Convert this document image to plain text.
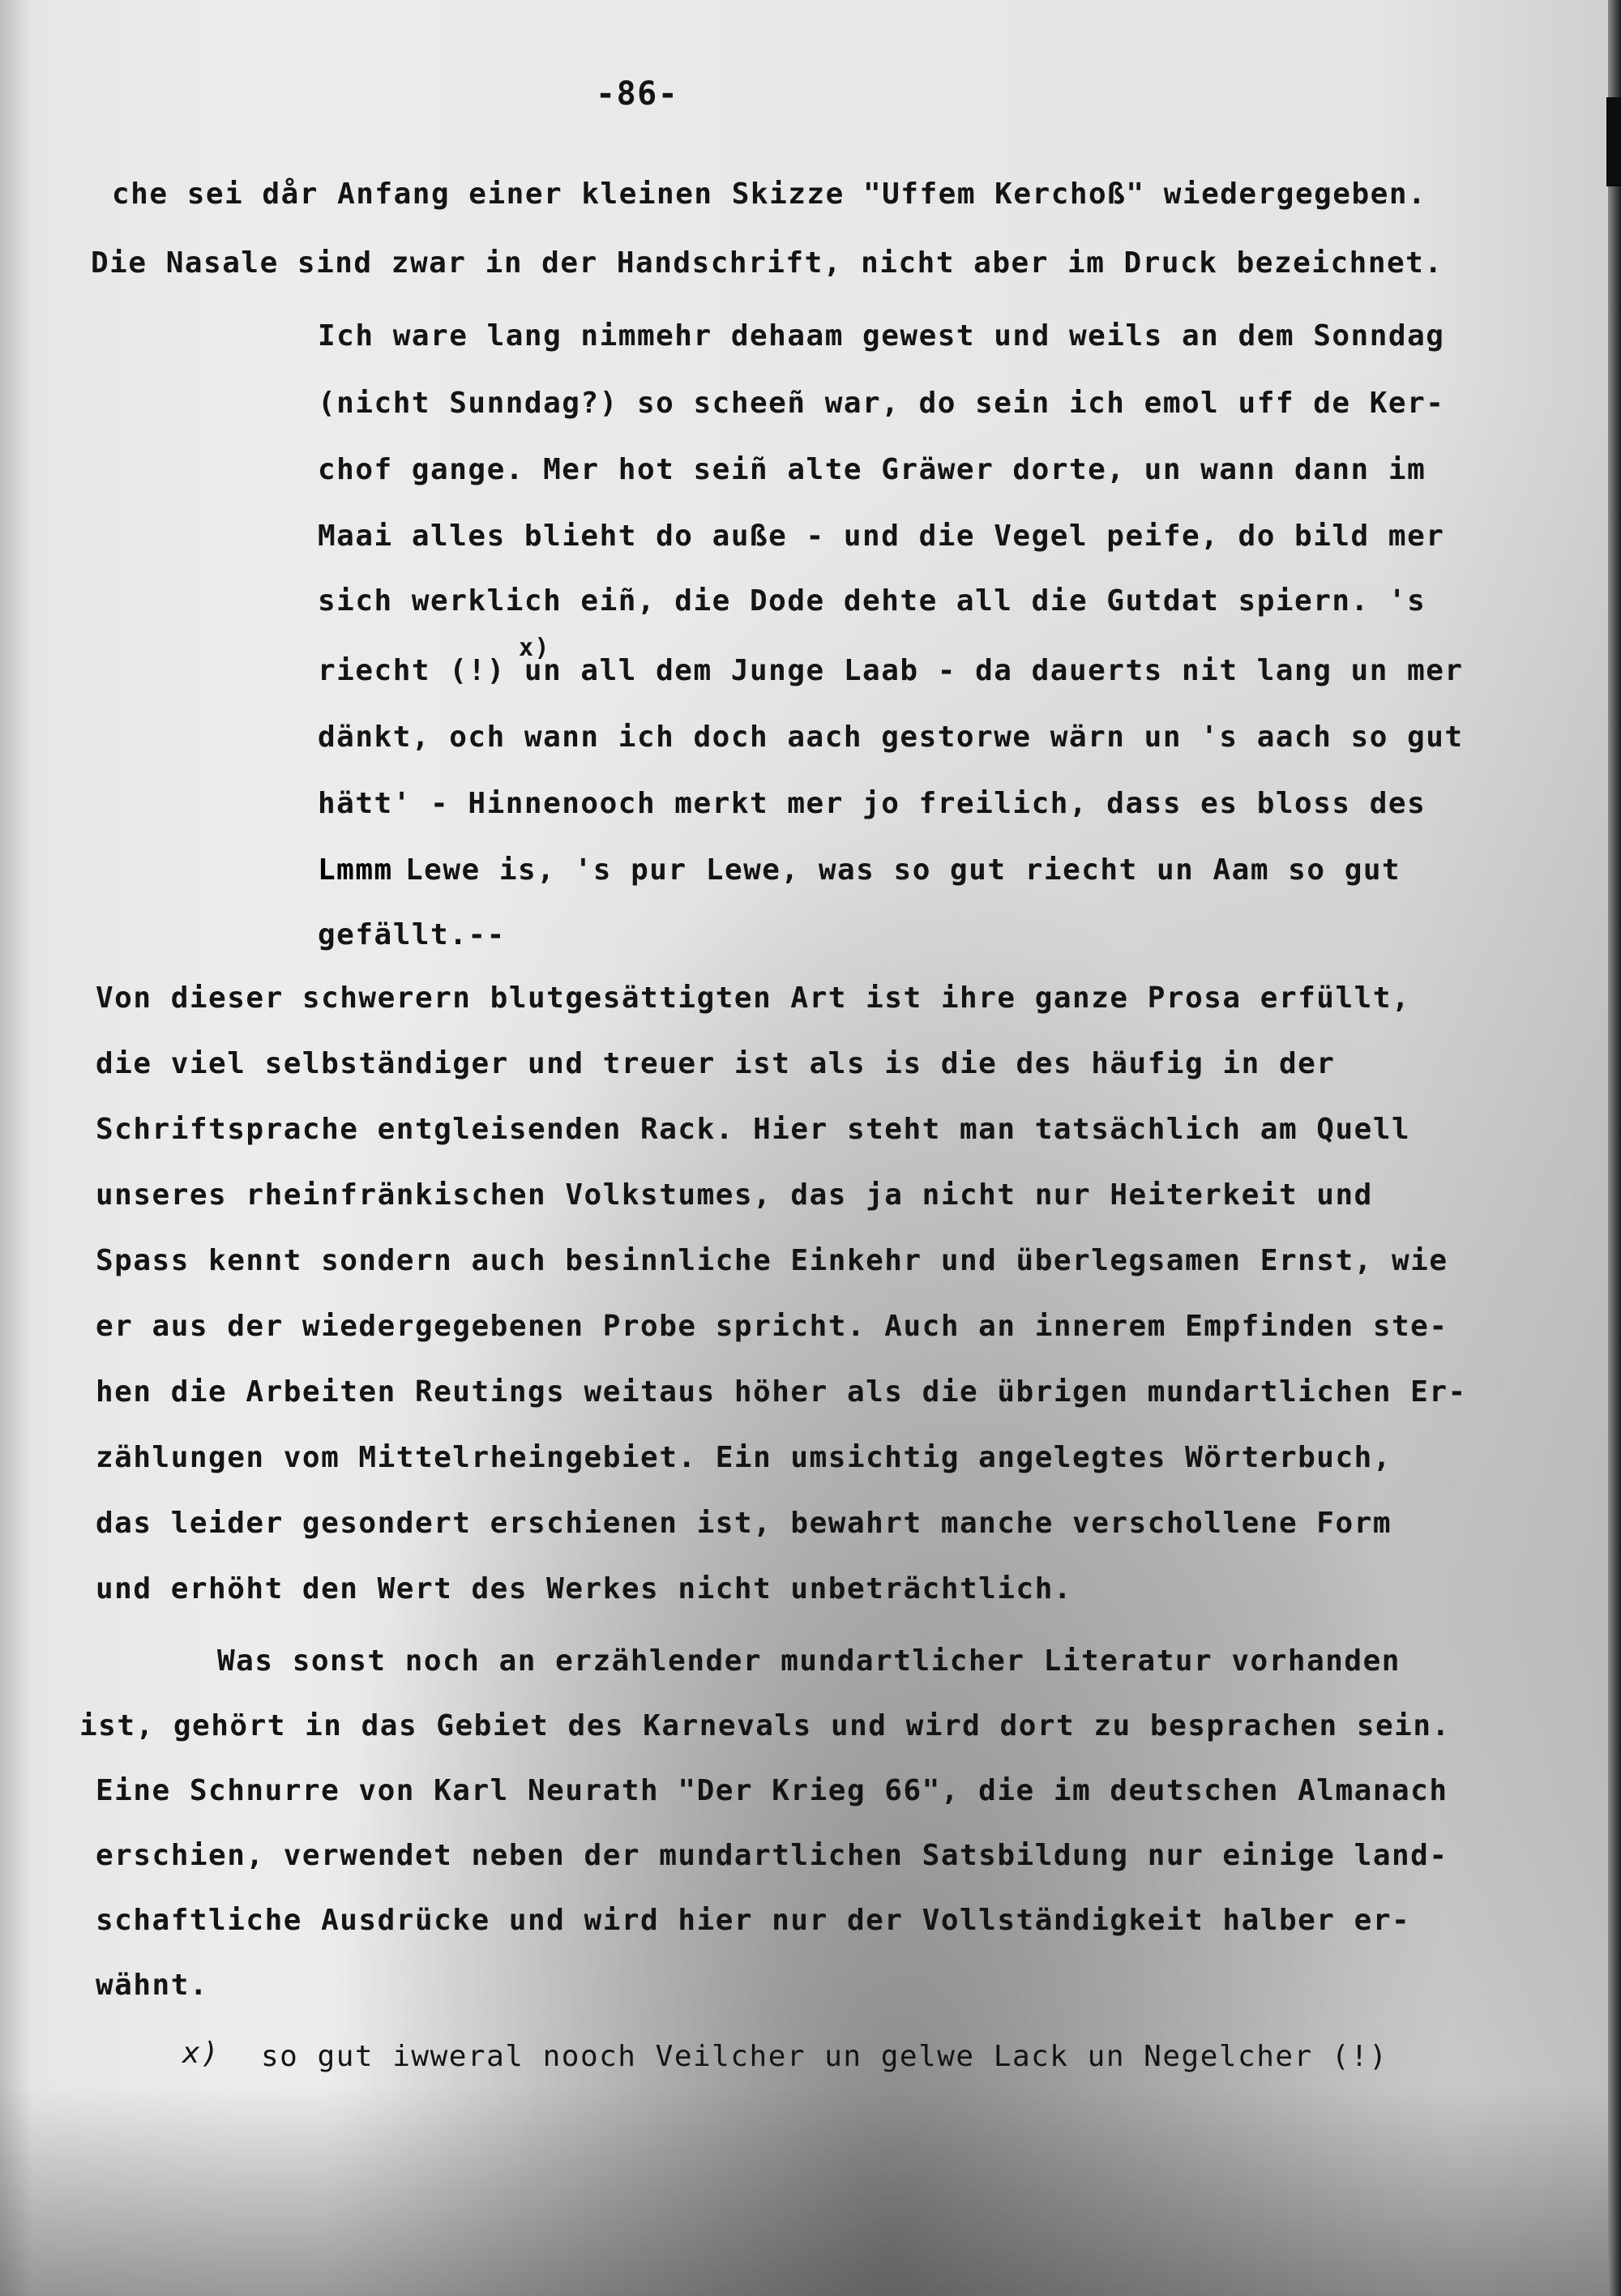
-86-
che sei dår Anfang einer kleinen Skizze "Uffem Kerchoß" wiedergegeben.
Die Nasale sind zwar in der Handschrift, nicht aber im Druck bezeichnet.
Ich ware lang nimmehr dehaam gewest und weils an dem Sonndag
(nicht Sunndag?) so scheeñ war, do sein ich emol uff de Ker-
chof gange. Mer hot seiñ alte Gräwer dorte, un wann dann im
Maai alles blieht do auße - und die Vegel peife, do bild mer
sich werklich eiñ, die Dode dehte all die Gutdat spiern. 's
x)
riecht (!) un all dem Junge Laab - da dauerts nit lang un mer
dänkt, och wann ich doch aach gestorwe wärn un 's aach so gut
hätt' - Hinnenooch merkt mer jo freilich, dass es bloss des
Lmmm Lewe is, 's pur Lewe, was so gut riecht un Aam so gut
gefällt.--
Von dieser schwerern blutgesättigten Art ist ihre ganze Prosa erfüllt,
die viel selbständiger und treuer ist als is die des häufig in der
Schriftsprache entgleisenden Rack. Hier steht man tatsächlich am Quell
unseres rheinfränkischen Volkstumes, das ja nicht nur Heiterkeit und
Spass kennt sondern auch besinnliche Einkehr und überlegsamen Ernst, wie
er aus der wiedergegebenen Probe spricht. Auch an innerem Empfinden ste-
hen die Arbeiten Reutings weitaus höher als die übrigen mundartlichen Er-
zählungen vom Mittelrheingebiet. Ein umsichtig angelegtes Wörterbuch,
das leider gesondert erschienen ist, bewahrt manche verschollene Form
und erhöht den Wert des Werkes nicht unbeträchtlich.
Was sonst noch an erzählender mundartlicher Literatur vorhanden
ist, gehört in das Gebiet des Karnevals und wird dort zu besprachen sein.
Eine Schnurre von Karl Neurath "Der Krieg 66", die im deutschen Almanach
erschien, verwendet neben der mundartlichen Satsbildung nur einige land-
schaftliche Ausdrücke und wird hier nur der Vollständigkeit halber er-
wähnt.
x) so gut iwweral nooch Veilcher un gelwe Lack un Negelcher (!)
